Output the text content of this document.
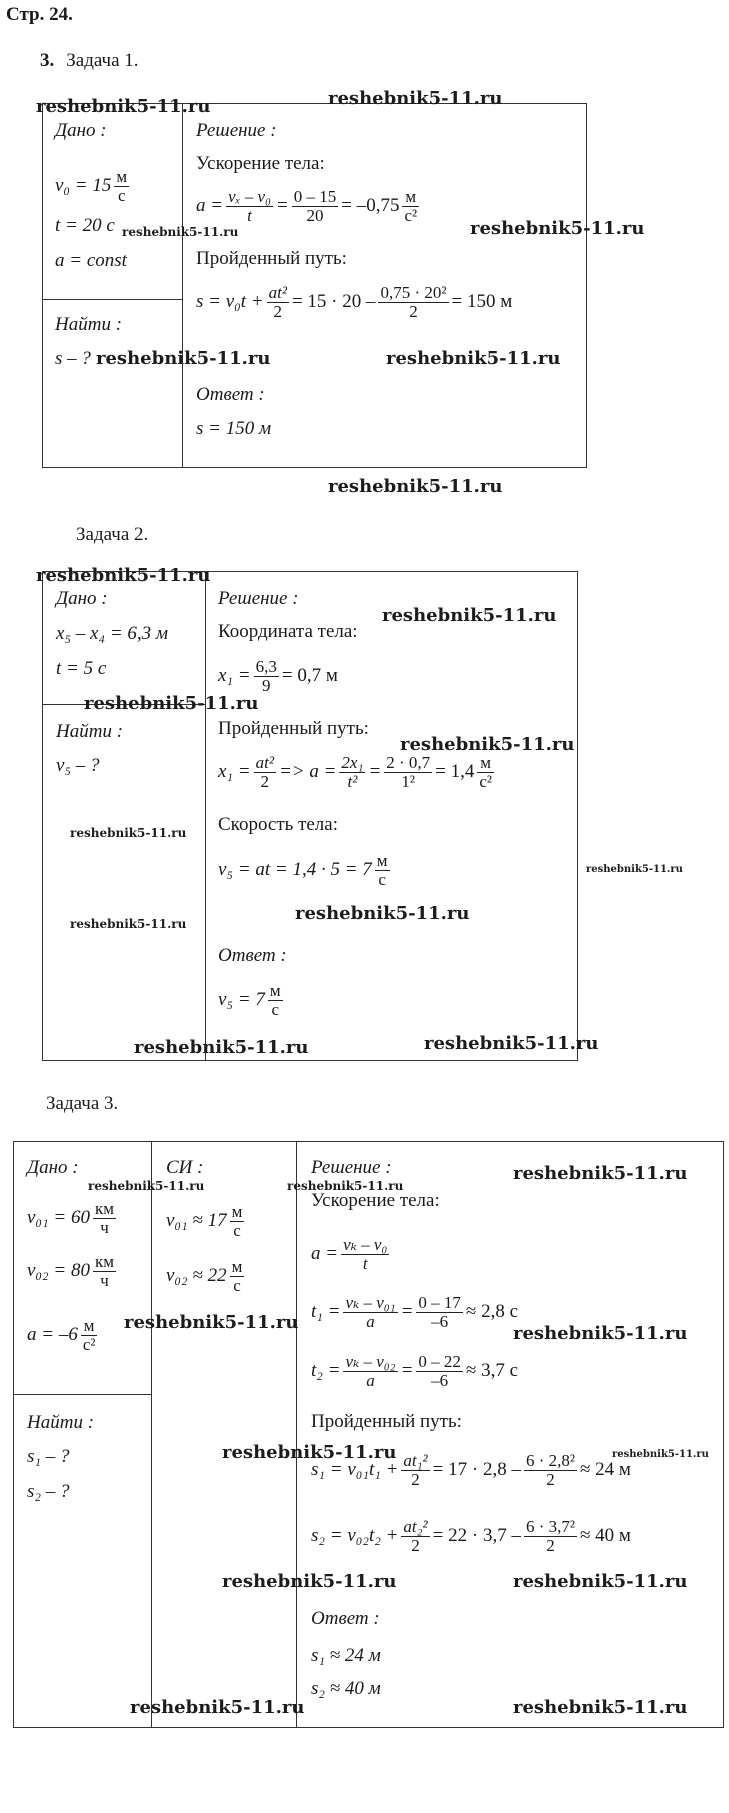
Стр. 24.
3. Задача 1.
Дано :
$v_0 = 15 \frac{м}{с}$
t = 20 с
a = const
Найти :
s – ?
Решение :
Ускорение тела:
$a = \frac{\text{vₓ – v₀}}{t} = \frac{0 - 15}{20} = -0,75 \frac{м}{\text{с²}}$
Пройденный путь:
$s = v_0t + \frac{\text{at²}}{2} = 15 \cdot 20 - \frac{\text{0,75 · 20²}}{2} = 150$ м
Ответ :
s = 150 м
Задача 2.
Дано :
x₅ – x₄ = 6,3 м
t = 5 с
Найти :
v₅ – ?
Решение :
Координата тела:
$x_1 = \frac{6,3}{9} = 0,7$ м
Пройденный путь:
$x_1 = \frac{\text{at²}}{2} => a = \frac{\text{2x₁}}{\text{t²}} = \frac{2 \cdot 0,7}{\text{1²}} = 1,4 \frac{м}{\text{с²}}$
Скорость тела:
v₅ = at = $1,4 \cdot 5 = 7 \frac{м}{с}$
Ответ :
$v_5 = 7 \frac{м}{с}$
Задача 3.
Дано :
$v_{01} = 60 \frac{км}{ч}$
$v_{02} = 80 \frac{км}{ч}$
$a = -6 \frac{м}{\text{с²}}$
Найти :
s₁ – ?
s₂ – ?
СИ :
$v_{01} \approx 17 \frac{м}{с}$
$v_{02} \approx 22 \frac{м}{с}$
Решение :
Ускорение тела:
$a = \frac{\text{vₖ – v₀}}{t}$
$t_1 = \frac{\text{vₖ – v₀₁}}{a} = \frac{0 - 17}{-6} \approx 2,8$ с
$t_2 = \frac{\text{vₖ – v₀₂}}{a} = \frac{0 - 22}{-6} \approx 3,7$ с
Пройденный путь:
$s_1 = v_{01}t_1 + \frac{\text{at₁²}}{2} = 17 \cdot 2,8 - \frac{\text{6 · 2,8²}}{2} \approx 24$ м
$s_2 = v_{02}t_2 + \frac{\text{at₂²}}{2} = 22 \cdot 3,7 - \frac{\text{6 · 3,7²}}{2} \approx 40$ м
Ответ :
s₁ ≈ 24 м
s₂ ≈ 40 м
reshebnik5-11.ru
reshebnik5-11.ru
reshebnik5-11.ru	reshebnik5-11.ru
reshebnik5-11.ru	reshebnik5-11.ru
reshebnik5-11.ru
reshebnik5-11.ru
reshebnik5-11.ru
reshebnik5-11.ru
reshebnik5-11.ru
reshebnik5-11.ru
reshebnik5-11.ru
reshebnik5-11.ru	reshebnik5-11.ru
reshebnik5-11.ru	reshebnik5-11.ru
reshebnik5-11.ru	reshebnik5-11.ru
reshebnik5-11.ru
reshebnik5-11.ru
reshebnik5-11.ru
reshebnik5-11.ru	reshebnik5-11.ru
reshebnik5-11.ru	reshebnik5-11.ru
reshebnik5-11.ru	reshebnik5-11.ru
